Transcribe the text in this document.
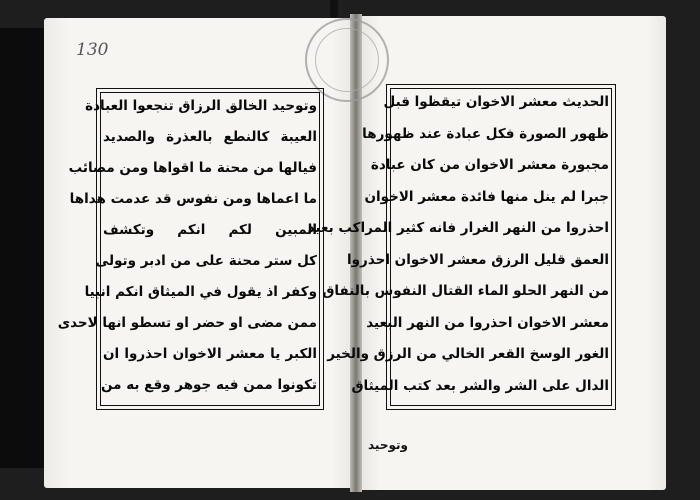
130
وتوحيد الخالق الرزاق تنجعوا العبادة
العيبة كالنطع بالعذرة والصديد
فيالها من محنة ما اقواها ومن مصائب
ما اعماها ومن نفوس قد عدمت هداها
المبين لكم انكم وتكشف
كل ستر محنة على من ادبر وتولى
وكفر اذ يقول في الميثاق انكم انبيا
ممن مضى او حضر او تسطو انها لاحدى
الكبر يا معشر الاخوان احذروا ان
تكونوا ممن فيه جوهر وقع به من
الحديث معشر الاخوان تيقظوا قبل
ظهور الصورة فكل عبادة عند ظهورها
مجبورة معشر الاخوان من كان عبادة
جبرا لم ينل منها فائدة معشر الاخوان
احذروا من النهر الغرار فانه كثير المراكب بعيد
العمق قليل الرزق معشر الاخوان احذروا
من النهر الحلو الماء القتال النفوس بالنفاق
معشر الاخوان احذروا من النهر البعيد
الغور الوسخ القعر الخالي من الرزق والخير
الدال على الشر والشر بعد كتب الميثاق
وتوحيد
